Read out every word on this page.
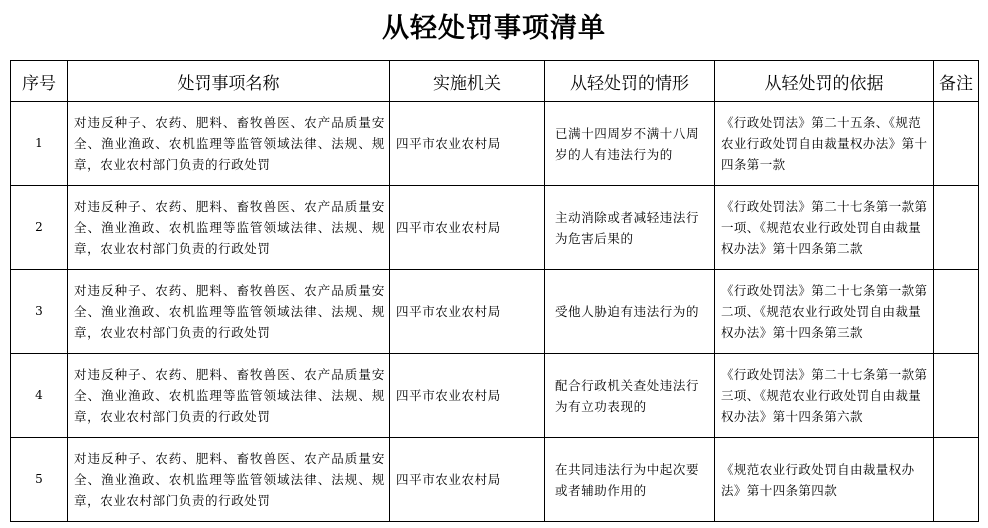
从轻处罚事项清单
序号	处罚事项名称	实施机关	从轻处罚的情形	从轻处罚的依据	备注
1	对违反种子、农药、肥料、畜牧兽医、农产品质量安全、渔业渔政、农机监理等监管领域法律、法规、规章，农业农村部门负责的行政处罚	四平市农业农村局	已满十四周岁不满十八周岁的人有违法行为的	《行政处罚法》第二十五条、《规范农业行政处罚自由裁量权办法》第十四条第一款	
2	对违反种子、农药、肥料、畜牧兽医、农产品质量安全、渔业渔政、农机监理等监管领域法律、法规、规章，农业农村部门负责的行政处罚	四平市农业农村局	主动消除或者减轻违法行为危害后果的	《行政处罚法》第二十七条第一款第一项、《规范农业行政处罚自由裁量权办法》第十四条第二款	
3	对违反种子、农药、肥料、畜牧兽医、农产品质量安全、渔业渔政、农机监理等监管领域法律、法规、规章，农业农村部门负责的行政处罚	四平市农业农村局	受他人胁迫有违法行为的	《行政处罚法》第二十七条第一款第二项、《规范农业行政处罚自由裁量权办法》第十四条第三款	
4	对违反种子、农药、肥料、畜牧兽医、农产品质量安全、渔业渔政、农机监理等监管领域法律、法规、规章，农业农村部门负责的行政处罚	四平市农业农村局	配合行政机关查处违法行为有立功表现的	《行政处罚法》第二十七条第一款第三项、《规范农业行政处罚自由裁量权办法》第十四条第六款	
5	对违反种子、农药、肥料、畜牧兽医、农产品质量安全、渔业渔政、农机监理等监管领域法律、法规、规章，农业农村部门负责的行政处罚	四平市农业农村局	在共同违法行为中起次要或者辅助作用的	《规范农业行政处罚自由裁量权办法》第十四条第四款	
